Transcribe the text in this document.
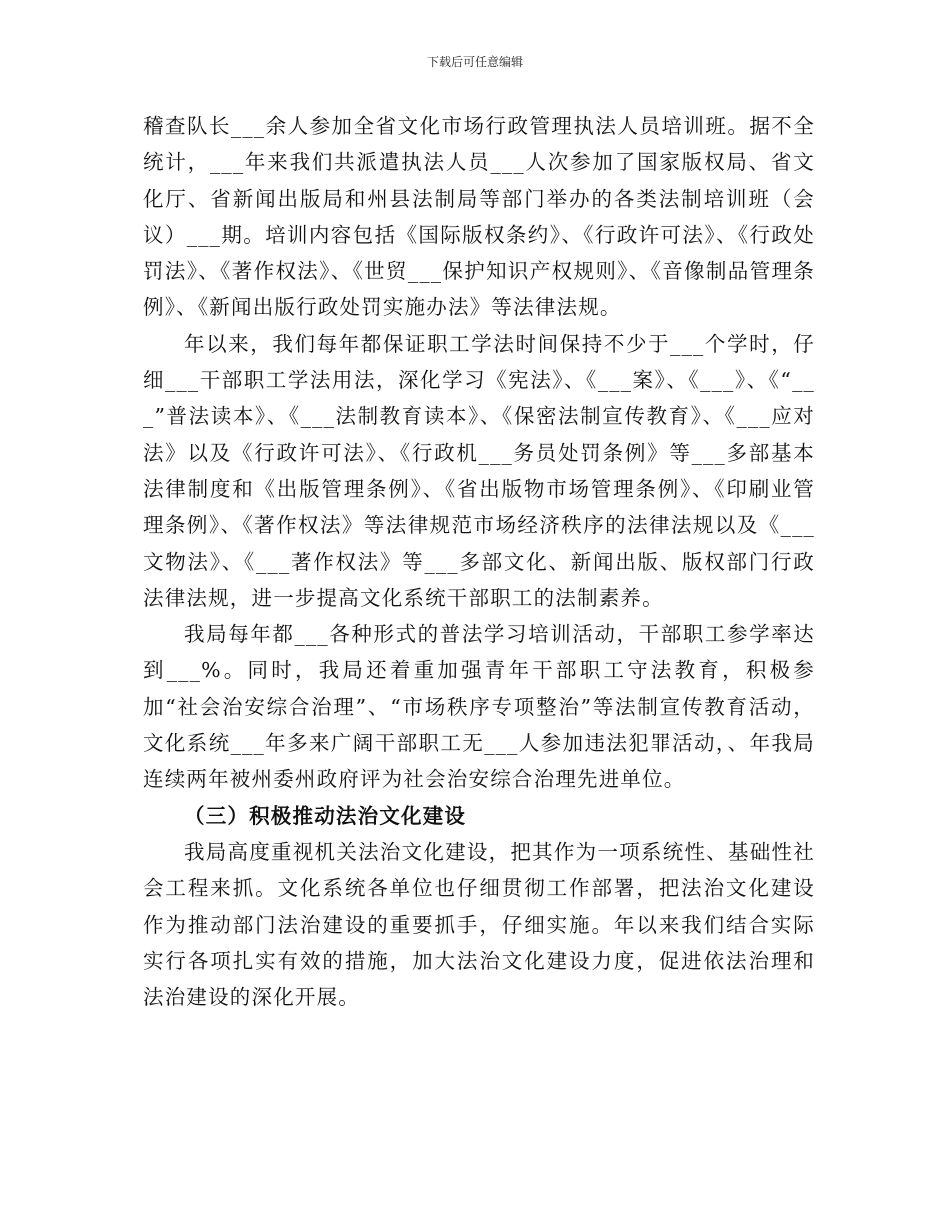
下载后可任意编辑

稽查队长___余人参加全省文化市场行政管理执法人员培训班。据不全统计，___年来我们共派遣执法人员___人次参加了国家版权局、省文化厅、省新闻出版局和州县法制局等部门举办的各类法制培训班（会议）___期。培训内容包括《国际版权条约》、《行政许可法》、《行政处罚法》、《著作权法》、《世贸___保护知识产权规则》、《音像制品管理条例》、《新闻出版行政处罚实施办法》等法律法规。

年以来，我们每年都保证职工学法时间保持不少于___个学时，仔细___干部职工学法用法，深化学习《宪法》、《___案》、《___》、《“___”普法读本》、《___法制教育读本》、《保密法制宣传教育》、《___应对法》以及《行政许可法》、《行政机___务员处罚条例》等___多部基本法律制度和《出版管理条例》、《省出版物市场管理条例》、《印刷业管理条例》、《著作权法》等法律规范市场经济秩序的法律法规以及《___文物法》、《___著作权法》等___多部文化、新闻出版、版权部门行政法律法规，进一步提高文化系统干部职工的法制素养。

我局每年都___各种形式的普法学习培训活动，干部职工参学率达到___%。同时，我局还着重加强青年干部职工守法教育，积极参加“社会治安综合治理”、“市场秩序专项整治”等法制宣传教育活动，文化系统___年多来广阔干部职工无___人参加违法犯罪活动，、年我局连续两年被州委州政府评为社会治安综合治理先进单位。

（三）积极推动法治文化建设

我局高度重视机关法治文化建设，把其作为一项系统性、基础性社会工程来抓。文化系统各单位也仔细贯彻工作部署，把法治文化建设作为推动部门法治建设的重要抓手，仔细实施。年以来我们结合实际实行各项扎实有效的措施，加大法治文化建设力度，促进依法治理和法治建设的深化开展。
